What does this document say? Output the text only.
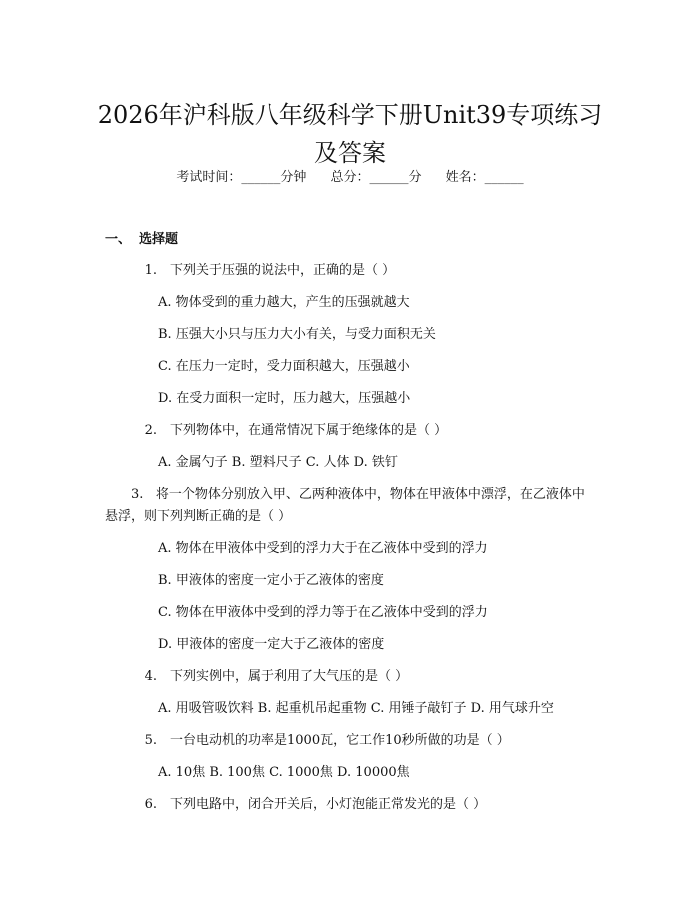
2026年沪科版八年级科学下册Unit39专项练习及答案
考试时间：______分钟 总分：______分 姓名：______
一、 选择题
1. 下列关于压强的说法中，正确的是（ ）
A. 物体受到的重力越大，产生的压强就越大
B. 压强大小只与压力大小有关，与受力面积无关
C. 在压力一定时，受力面积越大，压强越小
D. 在受力面积一定时，压力越大，压强越小
2. 下列物体中，在通常情况下属于绝缘体的是（ ）
A. 金属勺子 B. 塑料尺子 C. 人体 D. 铁钉
3. 将一个物体分别放入甲、乙两种液体中，物体在甲液体中漂浮，在乙液体中悬浮，则下列判断正确的是（ ）
A. 物体在甲液体中受到的浮力大于在乙液体中受到的浮力
B. 甲液体的密度一定小于乙液体的密度
C. 物体在甲液体中受到的浮力等于在乙液体中受到的浮力
D. 甲液体的密度一定大于乙液体的密度
4. 下列实例中，属于利用了大气压的是（ ）
A. 用吸管吸饮料 B. 起重机吊起重物 C. 用锤子敲钉子 D. 用气球升空
5. 一台电动机的功率是1000瓦，它工作10秒所做的功是（ ）
A. 10焦 B. 100焦 C. 1000焦 D. 10000焦
6. 下列电路中，闭合开关后，小灯泡能正常发光的是（ ）
